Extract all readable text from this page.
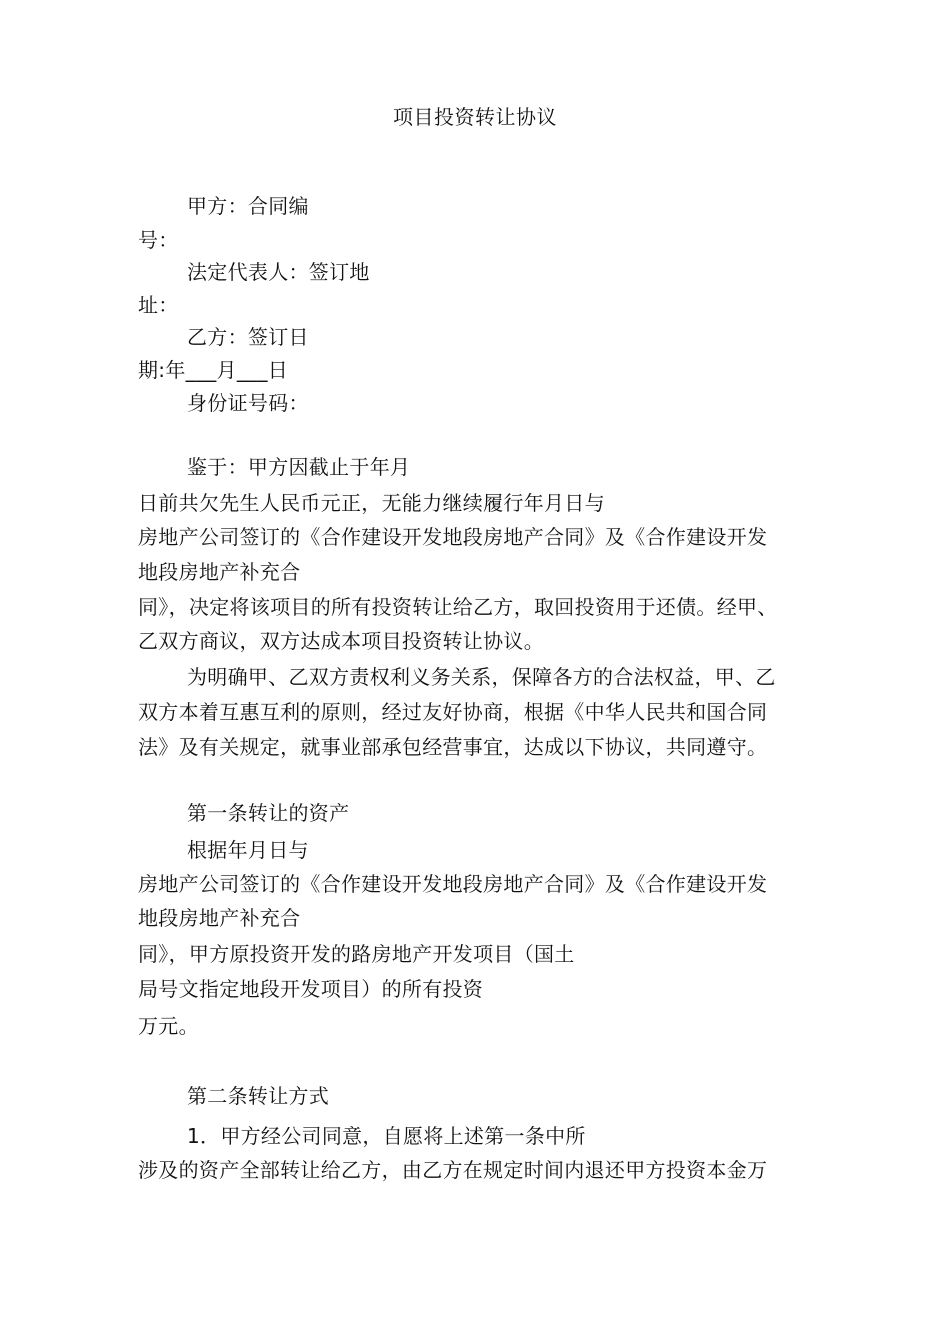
项目投资转让协议
甲方：合同编
号：
法定代表人：签订地
址：
乙方：签订日
期:年___月___日
身份证号码：
鉴于：甲方因截止于年月
日前共欠先生人民币元正，无能力继续履行年月日与
房地产公司签订的《合作建设开发地段房地产合同》及《合作建设开发
地段房地产补充合
同》，决定将该项目的所有投资转让给乙方，取回投资用于还债。经甲、
乙双方商议，双方达成本项目投资转让协议。
为明确甲、乙双方责权利义务关系，保障各方的合法权益，甲、乙
双方本着互惠互利的原则，经过友好协商，根据《中华人民共和国合同
法》及有关规定，就事业部承包经营事宜，达成以下协议，共同遵守。
第一条转让的资产
根据年月日与
房地产公司签订的《合作建设开发地段房地产合同》及《合作建设开发
地段房地产补充合
同》，甲方原投资开发的路房地产开发项目（国土
局号文指定地段开发项目）的所有投资
万元。
第二条转让方式
1．甲方经公司同意，自愿将上述第一条中所
涉及的资产全部转让给乙方，由乙方在规定时间内退还甲方投资本金万
